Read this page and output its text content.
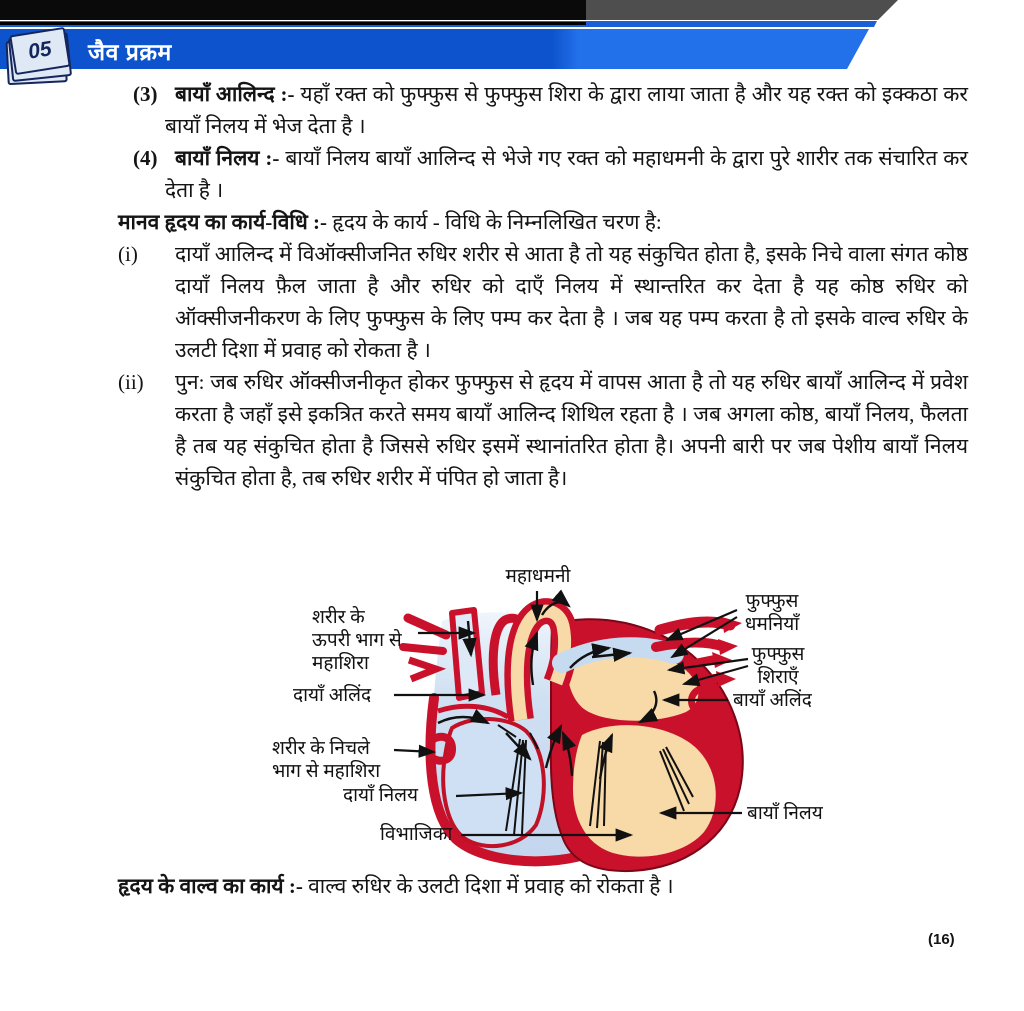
05	जैव प्रक्रम
(3) बायाँ आलिन्द :- यहाँ रक्त को फुफ्फुस से फुफ्फुस शिरा के द्वारा लाया जाता है और यह रक्त को इक्कठा कर बायाँ निलय में भेज देता है ।
(4) बायाँ निलय :- बायाँ निलय बायाँ आलिन्द से भेजे गए रक्त को महाधमनी के द्वारा पुरे शारीर तक संचारित कर देता है ।
मानव हृदय का कार्य-विधि :- हृदय के कार्य - विधि के निम्नलिखित चरण है:
(i) दायाँ आलिन्द में विऑक्सीजनित रुधिर शरीर से आता है तो यह संकुचित होता है, इसके निचे वाला संगत कोष्ठ दायाँ निलय फ़ैल जाता है और रुधिर को दाएँ निलय में स्थान्तरित कर देता है यह कोष्ठ रुधिर को ऑक्सीजनीकरण के लिए फुफ्फुस के लिए पम्प कर देता है । जब यह पम्प करता है तो इसके वाल्व रुधिर के उलटी दिशा में प्रवाह को रोकता है ।
(ii) पुन: जब रुधिर ऑक्सीजनीकृत होकर फुफ्फुस से हृदय में वापस आता है तो यह रुधिर बायाँ आलिन्द में प्रवेश करता है जहाँ इसे इकत्रित करते समय बायाँ आलिन्द शिथिल रहता है । जब अगला कोष्ठ, बायाँ निलय, फैलता है तब यह संकुचित होता है जिससे रुधिर इसमें स्थानांतरित होता है। अपनी बारी पर जब पेशीय बायाँ निलय संकुचित होता है, तब रुधिर शरीर में पंपित हो जाता है।
महाधमनी
शरीर के
ऊपरी भाग से
महाशिरा
दायाँ अलिंद
शरीर के निचले
भाग से महाशिरा
दायाँ निलय
विभाजिका
फुफ्फुस
धमनियाँ
फुफ्फुस
शिराएँ
बायाँ अलिंद
बायाँ निलय
हृदय के वाल्व का कार्य :- वाल्व रुधिर के उलटी दिशा में प्रवाह को रोकता है ।
(16)
